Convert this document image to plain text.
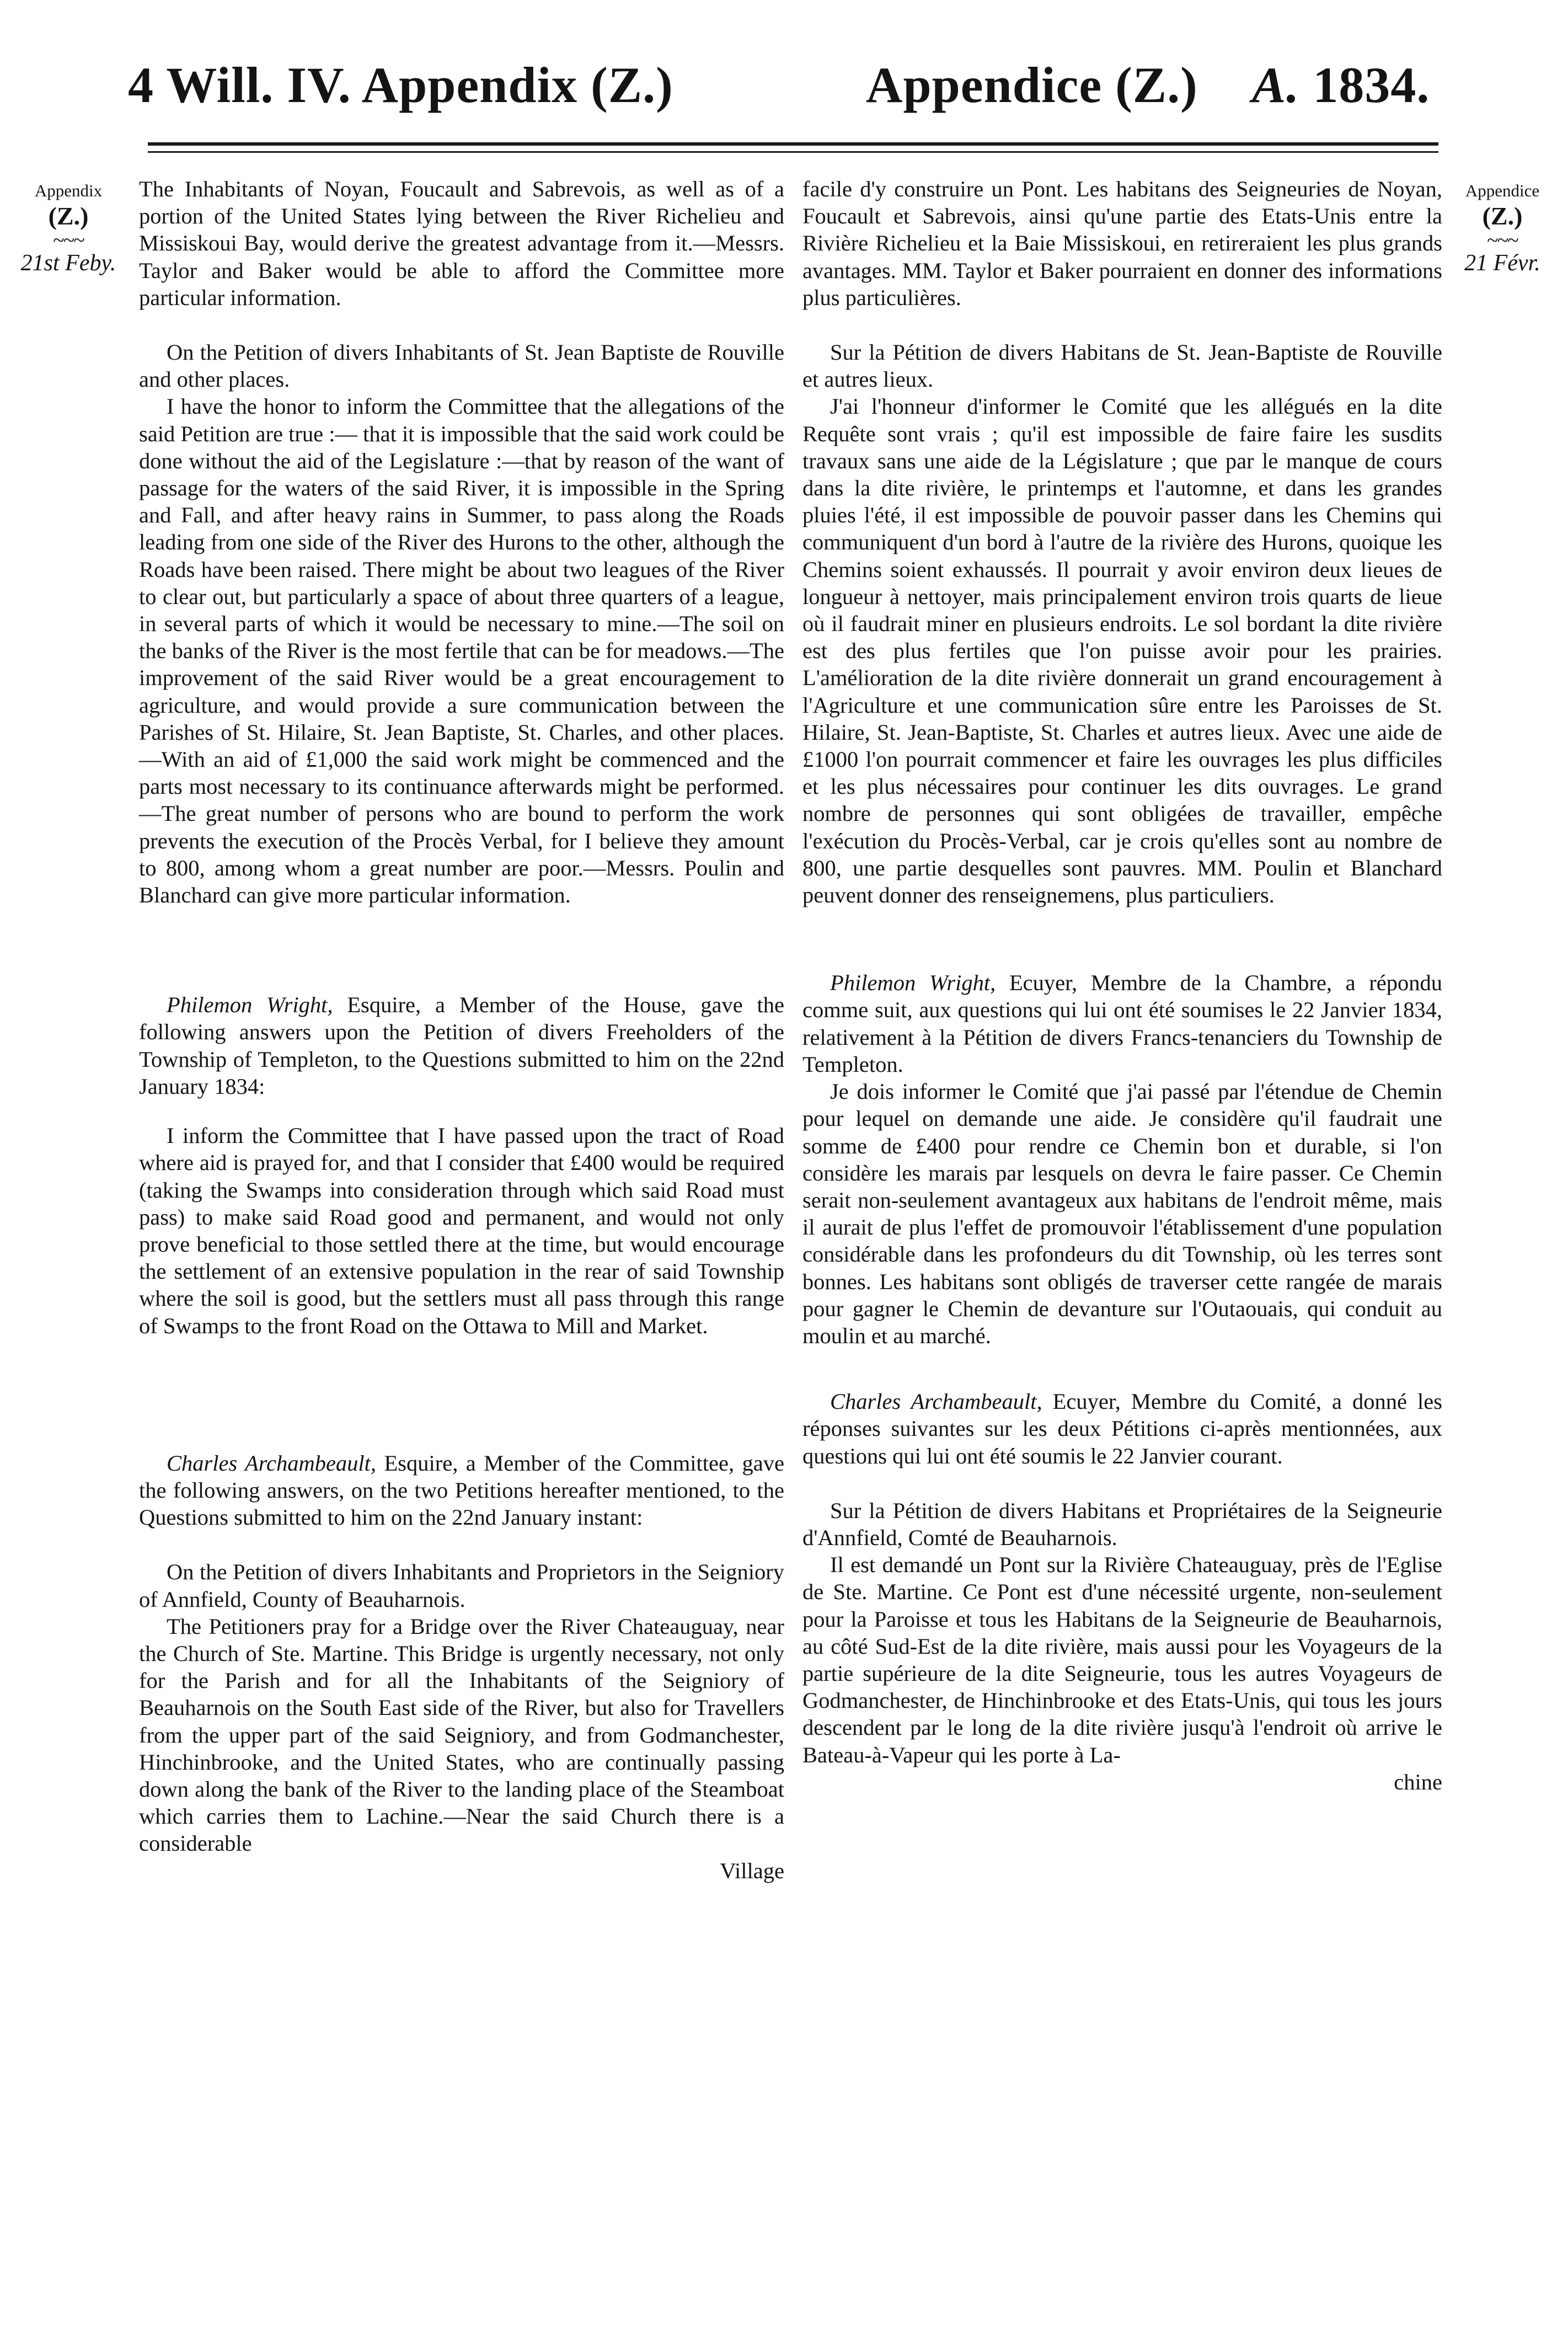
4 Will. IV. Appendix (Z.)	Appendice (Z.) A. 1834.
Appendix
(Z.)
~~~
21st Feby.
Appendice
(Z.)
~~~
21 Févr.

The Inhabitants of Noyan, Foucault and Sabrevois, as well as of a portion of the United States lying between the River Richelieu and Missiskoui Bay, would derive the greatest advantage from it.—Messrs. Taylor and Baker would be able to afford the Committee more particular information.

On the Petition of divers Inhabitants of St. Jean Baptiste de Rouville and other places.

I have the honor to inform the Committee that the allegations of the said Petition are true :— that it is impossible that the said work could be done without the aid of the Legislature :—that by reason of the want of passage for the waters of the said River, it is impossible in the Spring and Fall, and after heavy rains in Summer, to pass along the Roads leading from one side of the River des Hurons to the other, although the Roads have been raised. There might be about two leagues of the River to clear out, but particularly a space of about three quarters of a league, in several parts of which it would be necessary to mine.—The soil on the banks of the River is the most fertile that can be for meadows.—The improvement of the said River would be a great encouragement to agriculture, and would provide a sure communication between the Parishes of St. Hilaire, St. Jean Baptiste, St. Charles, and other places.—With an aid of £1,000 the said work might be commenced and the parts most necessary to its continuance afterwards might be performed.—The great number of persons who are bound to perform the work prevents the execution of the Procès Verbal, for I believe they amount to 800, among whom a great number are poor.—Messrs. Poulin and Blanchard can give more particular information.

Philemon Wright, Esquire, a Member of the House, gave the following answers upon the Petition of divers Freeholders of the Township of Templeton, to the Questions submitted to him on the 22nd January 1834:

I inform the Committee that I have passed upon the tract of Road where aid is prayed for, and that I consider that £400 would be required (taking the Swamps into consideration through which said Road must pass) to make said Road good and permanent, and would not only prove beneficial to those settled there at the time, but would encourage the settlement of an extensive population in the rear of said Township where the soil is good, but the settlers must all pass through this range of Swamps to the front Road on the Ottawa to Mill and Market.

Charles Archambeault, Esquire, a Member of the Committee, gave the following answers, on the two Petitions hereafter mentioned, to the Questions submitted to him on the 22nd January instant:

On the Petition of divers Inhabitants and Proprietors in the Seigniory of Annfield, County of Beauharnois.

The Petitioners pray for a Bridge over the River Chateauguay, near the Church of Ste. Martine. This Bridge is urgently necessary, not only for the Parish and for all the Inhabitants of the Seigniory of Beauharnois on the South East side of the River, but also for Travellers from the upper part of the said Seigniory, and from Godmanchester, Hinchinbrooke, and the United States, who are continually passing down along the bank of the River to the landing place of the Steamboat which carries them to Lachine.—Near the said Church there is a considerable

Village

facile d'y construire un Pont. Les habitans des Seigneuries de Noyan, Foucault et Sabrevois, ainsi qu'une partie des Etats-Unis entre la Rivière Richelieu et la Baie Missiskoui, en retireraient les plus grands avantages. MM. Taylor et Baker pourraient en donner des informations plus particulières.

Sur la Pétition de divers Habitans de St. Jean-Baptiste de Rouville et autres lieux.

J'ai l'honneur d'informer le Comité que les allégués en la dite Requête sont vrais ; qu'il est impossible de faire faire les susdits travaux sans une aide de la Législature ; que par le manque de cours dans la dite rivière, le printemps et l'automne, et dans les grandes pluies l'été, il est impossible de pouvoir passer dans les Chemins qui communiquent d'un bord à l'autre de la rivière des Hurons, quoique les Chemins soient exhaussés. Il pourrait y avoir environ deux lieues de longueur à nettoyer, mais principalement environ trois quarts de lieue où il faudrait miner en plusieurs endroits. Le sol bordant la dite rivière est des plus fertiles que l'on puisse avoir pour les prairies. L'amélioration de la dite rivière donnerait un grand encouragement à l'Agriculture et une communication sûre entre les Paroisses de St. Hilaire, St. Jean-Baptiste, St. Charles et autres lieux. Avec une aide de £1000 l'on pourrait commencer et faire les ouvrages les plus difficiles et les plus nécessaires pour continuer les dits ouvrages. Le grand nombre de personnes qui sont obligées de travailler, empêche l'exécution du Procès-Verbal, car je crois qu'elles sont au nombre de 800, une partie desquelles sont pauvres. MM. Poulin et Blanchard peuvent donner des renseignemens, plus particuliers.

Philemon Wright, Ecuyer, Membre de la Chambre, a répondu comme suit, aux questions qui lui ont été soumises le 22 Janvier 1834, relativement à la Pétition de divers Francs-tenanciers du Township de Templeton.

Je dois informer le Comité que j'ai passé par l'étendue de Chemin pour lequel on demande une aide. Je considère qu'il faudrait une somme de £400 pour rendre ce Chemin bon et durable, si l'on considère les marais par lesquels on devra le faire passer. Ce Chemin serait non-seulement avantageux aux habitans de l'endroit même, mais il aurait de plus l'effet de promouvoir l'établissement d'une population considérable dans les profondeurs du dit Township, où les terres sont bonnes. Les habitans sont obligés de traverser cette rangée de marais pour gagner le Chemin de devanture sur l'Outaouais, qui conduit au moulin et au marché.

Charles Archambeault, Ecuyer, Membre du Comité, a donné les réponses suivantes sur les deux Pétitions ci-après mentionnées, aux questions qui lui ont été soumis le 22 Janvier courant.

Sur la Pétition de divers Habitans et Propriétaires de la Seigneurie d'Annfield, Comté de Beauharnois.

Il est demandé un Pont sur la Rivière Chateauguay, près de l'Eglise de Ste. Martine. Ce Pont est d'une nécessité urgente, non-seulement pour la Paroisse et tous les Habitans de la Seigneurie de Beauharnois, au côté Sud-Est de la dite rivière, mais aussi pour les Voyageurs de la partie supérieure de la dite Seigneurie, tous les autres Voyageurs de Godmanchester, de Hinchinbrooke et des Etats-Unis, qui tous les jours descendent par le long de la dite rivière jusqu'à l'endroit où arrive le Bateau-à-Vapeur qui les porte à La-

chine
